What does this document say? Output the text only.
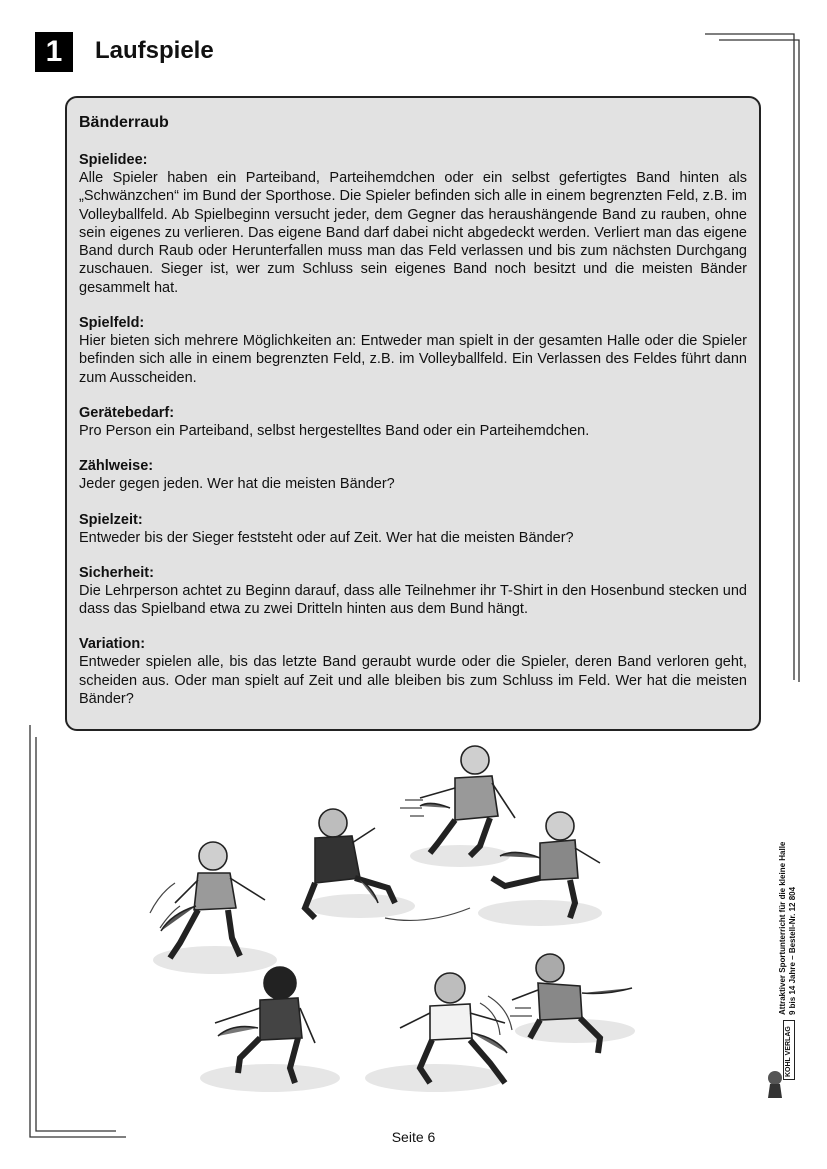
1	Laufspiele
Bänderraub
Spielidee:
Alle Spieler haben ein Parteiband, Parteihemdchen oder ein selbst gefertigtes Band hinten als „Schwänzchen“ im Bund der Sporthose. Die Spieler befinden sich alle in einem begrenzten Feld, z.B. im Volleyballfeld. Ab Spielbeginn versucht jeder, dem Gegner das heraushängende Band zu rauben, ohne sein eigenes zu verlieren. Das eigene Band darf dabei nicht abgedeckt werden. Verliert man das eigene Band durch Raub oder Herunterfallen muss man das Feld verlassen und bis zum nächsten Durchgang zuschauen. Sieger ist, wer zum Schluss sein eigenes Band noch besitzt und die meisten Bänder gesammelt hat.
Spielfeld:
Hier bieten sich mehrere Möglichkeiten an: Entweder man spielt in der gesamten Halle oder die Spieler befinden sich alle in einem begrenzten Feld, z.B. im Volleyballfeld. Ein Verlassen des Feldes führt dann zum Ausscheiden.
Gerätebedarf:
Pro Person ein Parteiband, selbst hergestelltes Band oder ein Parteihemdchen.
Zählweise:
Jeder gegen jeden. Wer hat die meisten Bänder?
Spielzeit:
Entweder bis der Sieger feststeht oder auf Zeit. Wer hat die meisten Bänder?
Sicherheit:
Die Lehrperson achtet zu Beginn darauf, dass alle Teilnehmer ihr T-Shirt in den Hosenbund stecken und dass das Spielband etwa zu zwei Dritteln hinten aus dem Bund hängt.
Variation:
Entweder spielen alle, bis das letzte Band geraubt wurde oder die Spieler, deren Band verloren geht, scheiden aus. Oder man spielt auf Zeit und alle bleiben bis zum Schluss im Feld. Wer hat die meisten Bänder?
Attraktiver Sportunterricht für die kleine Halle 9 bis 14 Jahre – Bestell-Nr. 12 804
KOHL VERLAG
Seite 6
